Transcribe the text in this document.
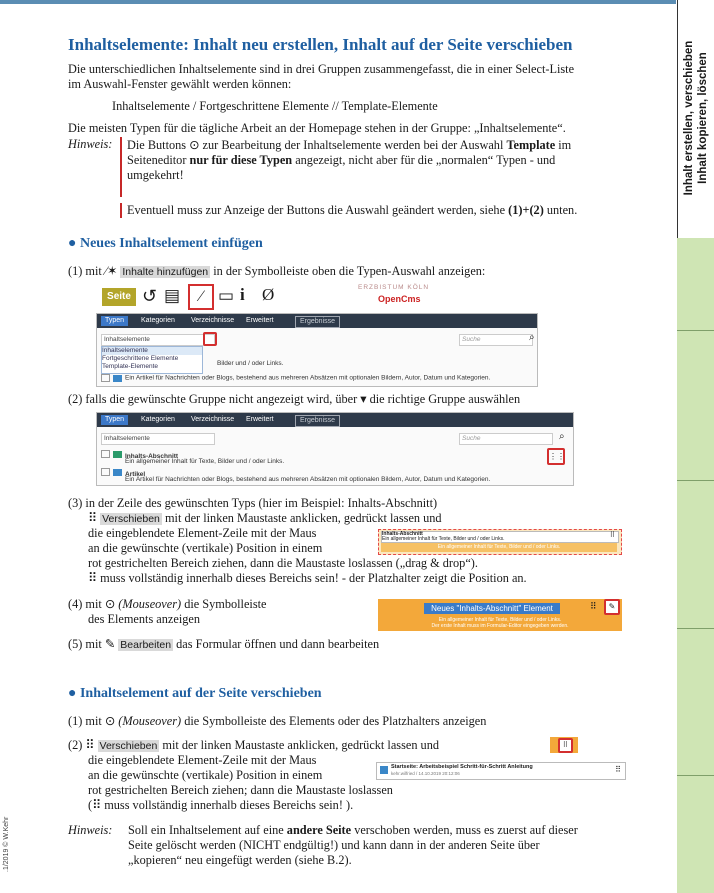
Inhalt erstellen, verschieben Inhalt kopieren, löschen
.1/2019 © W.Kehr
Inhaltselemente: Inhalt neu erstellen, Inhalt auf der Seite verschieben
Die unterschiedlichen Inhaltselemente sind in drei Gruppen zusammengefasst, die in einer Select-Liste
im Auswahl-Fenster gewählt werden können:
Inhaltselemente / Fortgeschrittene Elemente // Template-Elemente
Die meisten Typen für die tägliche Arbeit an der Homepage stehen in der Gruppe: „Inhaltselemente“.
Hinweis: Die Buttons ⊙ zur Bearbeitung der Inhaltselemente werden bei der Auswahl Template im
Seiteneditor nur für diese Typen angezeigt, nicht aber für die „normalen“ Typen - und
umgekehrt!
Eventuell muss zur Anzeige der Buttons die Auswahl geändert werden, siehe (1)+(2) unten.
● Neues Inhaltselement einfügen
(1) mit ⁄✶ Inhalte hinzufügen in der Symbolleiste oben die Typen-Auswahl anzeigen:
Seite ↺ ▤	⁄ ▭ i Ø	ERZBISTUM KÖLN
OpenCms
Typen	Kategorien	Verzeichnisse	Erweitert	Ergebnisse
Inhaltselemente	Suche	⌕
Inhaltselemente
Fortgeschrittene Elemente
Template-Elemente	Bilder und / oder Links.
Ein Artikel für Nachrichten oder Blogs, bestehend aus mehreren Absätzen mit optionalen Bildern, Autor, Datum und Kategorien.
(2) falls die gewünschte Gruppe nicht angezeigt wird, über ▾ die richtige Gruppe auswählen
Typen	Kategorien	Verzeichnisse	Erweitert	Ergebnisse
Inhaltselemente	Suche	⌕
Inhalts-Abschnitt
Ein allgemeiner Inhalt für Texte, Bilder und / oder Links.
⋮⋮
Artikel
Ein Artikel für Nachrichten oder Blogs, bestehend aus mehreren Absätzen mit optionalen Bildern, Autor, Datum und Kategorien.
(3) in der Zeile des gewünschten Typs (hier im Beispiel: Inhalts-Abschnitt)
⠿ Verschieben mit der linken Maustaste anklicken, gedrückt lassen und
die eingeblendete Element-Zeile mit der Maus
an die gewünschte (vertikale) Position in einem
rot gestrichelten Bereich ziehen, dann die Maustaste loslassen („drag & drop“).
⠿ muss vollständig innerhalb dieses Bereichs sein! - der Platzhalter zeigt die Position an.
Inhalts-Abschnitt
Ein allgemeiner Inhalt für Texte, Bilder und / oder Links.	⠿
Ein allgemeiner Inhalt für Texte, Bilder und / oder Links.
(4) mit ⊙ (Mouseover) die Symbolleiste
des Elements anzeigen
Neues "Inhalts-Abschnitt" Element
Ein allgemeiner Inhalt für Texte, Bilder und / oder Links.
Der erste Inhalt muss im Formular-Editor eingegeben werden.
⠿	✎
(5) mit ✎ Bearbeiten das Formular öffnen und dann bearbeiten
● Inhaltselement auf der Seite verschieben
(1) mit ⊙ (Mouseover) die Symbolleiste des Elements oder des Platzhalters anzeigen
(2) ⠿ Verschieben mit der linken Maustaste anklicken, gedrückt lassen und
die eingeblendete Element-Zeile mit der Maus
an die gewünschte (vertikale) Position in einem
rot gestrichelten Bereich ziehen; dann die Maustaste loslassen
(⠿ muss vollständig innerhalb dieses Bereichs sein! ).
⠿
Startseite: Arbeitsbeispiel Schritt-für-Schritt Anleitung
kehr.wilfried / 14.10.2019 20:12:06	⠿
Hinweis: Soll ein Inhaltselement auf eine andere Seite verschoben werden, muss es zuerst auf dieser
Seite gelöscht werden (NICHT endgültig!) und kann dann in der anderen Seite über
„kopieren“ neu eingefügt werden (siehe B.2).
